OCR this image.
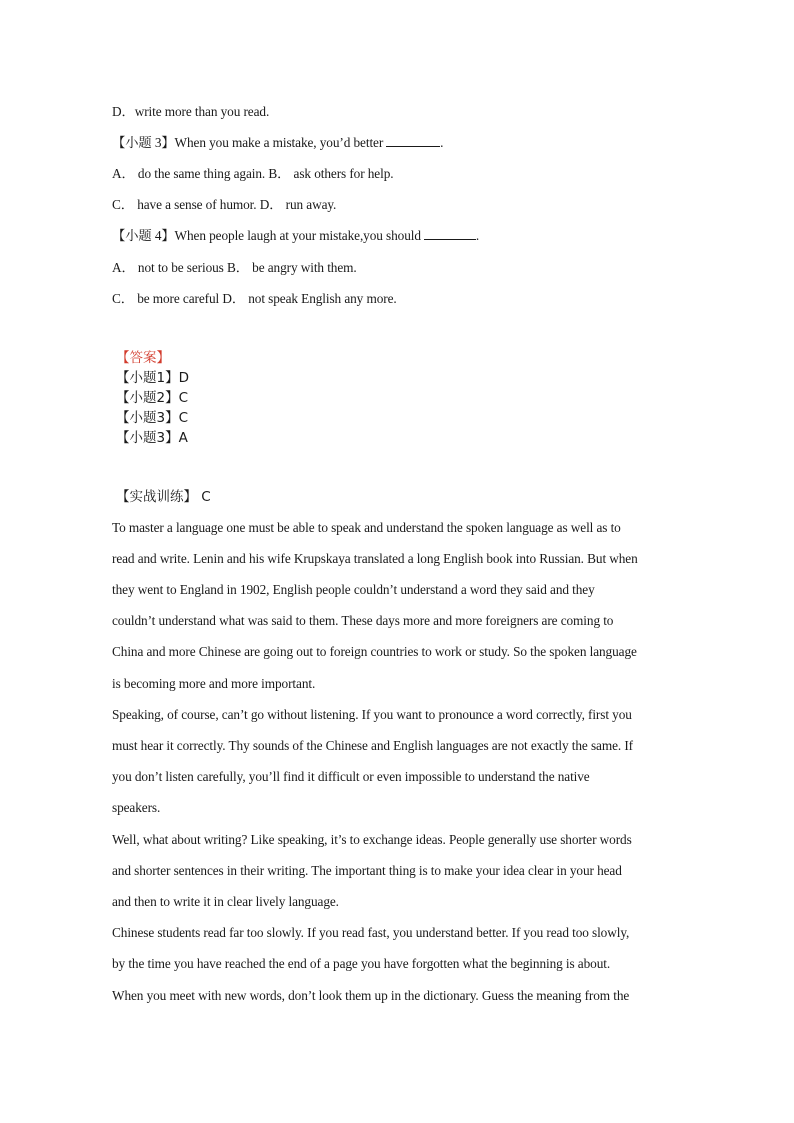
D．write more than you read.
【小题 3】When you make a mistake, you’d better	.
A． do the same thing again. B． ask others for help.
C． have a sense of humor. D． run away.
【小题 4】When people laugh at your mistake,you should	.
A． not to be serious B． be angry with them.
C． be more careful D． not speak English any more.
【答案】
【小题1】D
【小题2】C
【小题3】C
【小题3】A
【实战训练】 C
To master a language one must be able to speak and understand the spoken language as well as to
read and write. Lenin and his wife Krupskaya translated a long English book into Russian. But when
they went to England in 1902, English people couldn’t understand a word they said and they
couldn’t understand what was said to them. These days more and more foreigners are coming to
China and more Chinese are going out to foreign countries to work or study. So the spoken language
is becoming more and more important.
Speaking, of course, can’t go without listening. If you want to pronounce a word correctly, first you
must hear it correctly. Thy sounds of the Chinese and English languages are not exactly the same. If
you don’t listen carefully, you’ll find it difficult or even impossible to understand the native
speakers.
Well, what about writing? Like speaking, it’s to exchange ideas. People generally use shorter words
and shorter sentences in their writing. The important thing is to make your idea clear in your head
and then to write it in clear lively language.
Chinese students read far too slowly. If you read fast, you understand better. If you read too slowly,
by the time you have reached the end of a page you have forgotten what the beginning is about.
When you meet with new words, don’t look them up in the dictionary. Guess the meaning from the
